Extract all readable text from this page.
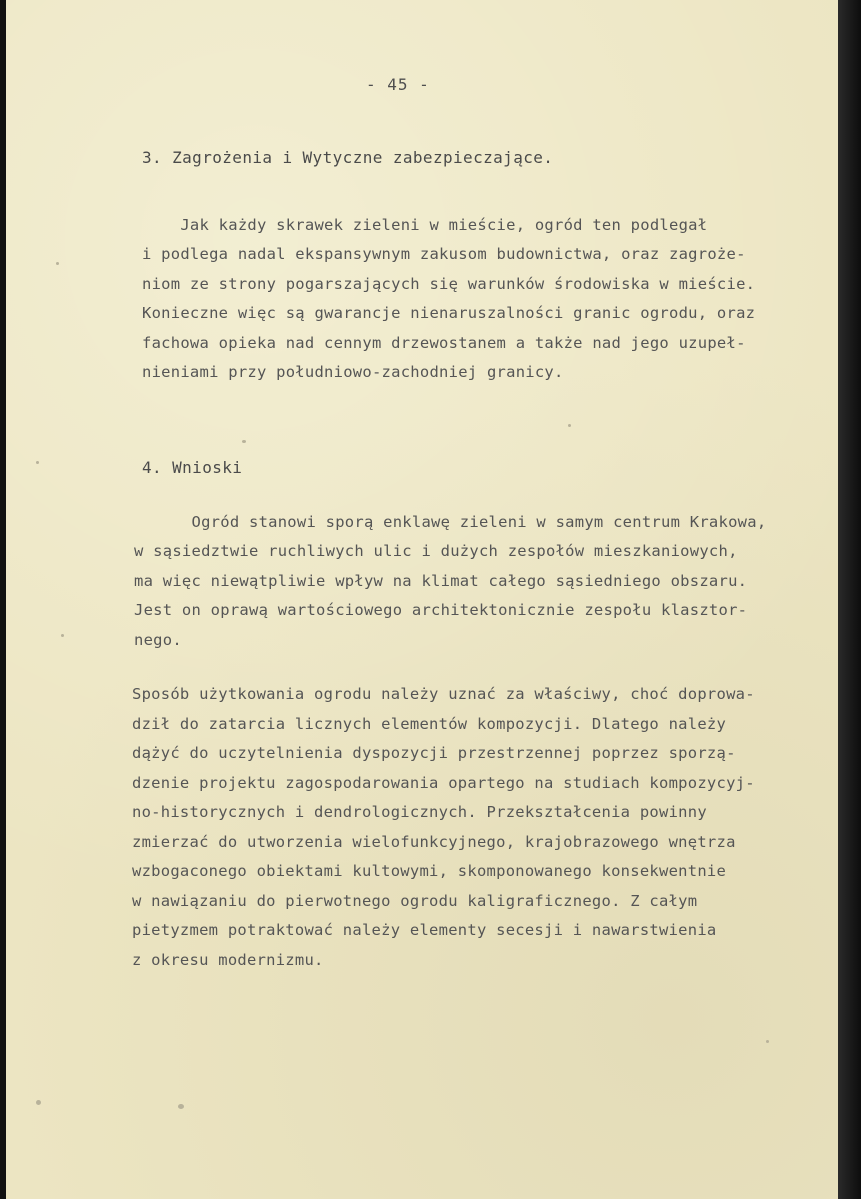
- 45 -
3. Zagrożenia i Wytyczne zabezpieczające.

Jak każdy skrawek zieleni w mieście, ogród ten podlegał
i podlega nadal ekspansywnym zakusom budownictwa, oraz zagroże-
niom ze strony pogarszających się warunków środowiska w mieście.
Konieczne więc są gwarancje nienaruszalności granic ogrodu, oraz
fachowa opieka nad cennym drzewostanem a także nad jego uzupeł-
nieniami przy południowo-zachodniej granicy.

4. Wnioski

Ogród stanowi sporą enklawę zieleni w samym centrum Krakowa,
w sąsiedztwie ruchliwych ulic i dużych zespołów mieszkaniowych,
ma więc niewątpliwie wpływ na klimat całego sąsiedniego obszaru.
Jest on oprawą wartościowego architektonicznie zespołu klasztor-
nego.

Sposób użytkowania ogrodu należy uznać za właściwy, choć doprowa-
dził do zatarcia licznych elementów kompozycji. Dlatego należy
dążyć do uczytelnienia dyspozycji przestrzennej poprzez sporzą-
dzenie projektu zagospodarowania opartego na studiach kompozycyj-
no-historycznych i dendrologicznych. Przekształcenia powinny
zmierzać do utworzenia wielofunkcyjnego, krajobrazowego wnętrza
wzbogaconego obiektami kultowymi, skomponowanego konsekwentnie
w nawiązaniu do pierwotnego ogrodu kaligraficznego. Z całym
pietyzmem potraktować należy elementy secesji i nawarstwienia
z okresu modernizmu.
